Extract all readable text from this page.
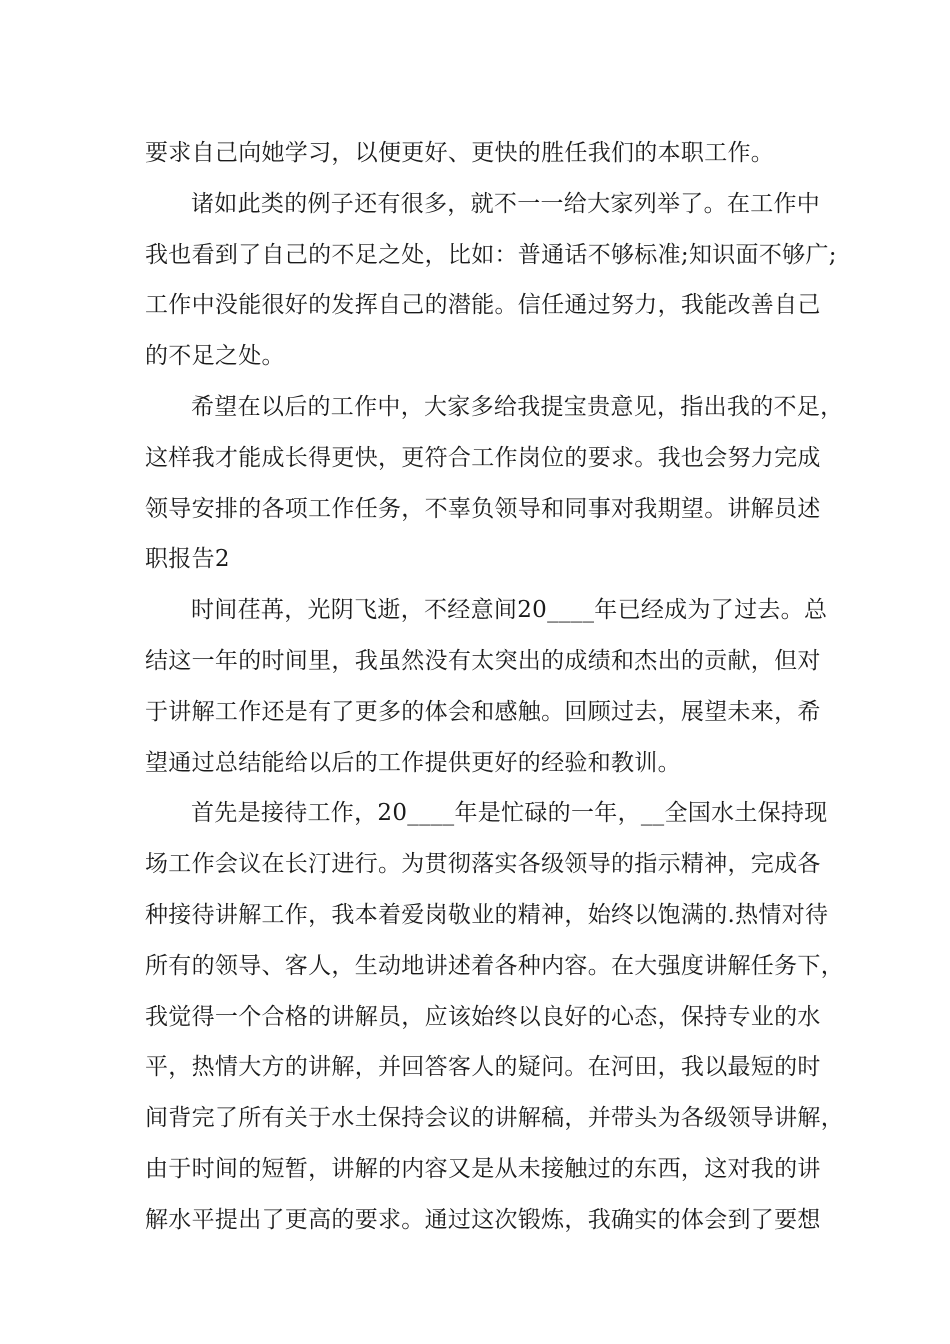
要求自己向她学习，以便更好、更快的胜任我们的本职工作。
诸如此类的例子还有很多，就不一一给大家列举了。在工作中
我也看到了自己的不足之处，比如：普通话不够标准;知识面不够广;
工作中没能很好的发挥自己的潜能。信任通过努力，我能改善自己
的不足之处。
希望在以后的工作中，大家多给我提宝贵意见，指出我的不足，
这样我才能成长得更快，更符合工作岗位的要求。我也会努力完成
领导安排的各项工作任务，不辜负领导和同事对我期望。讲解员述
职报告2
时间荏苒，光阴飞逝，不经意间20____年已经成为了过去。总
结这一年的时间里，我虽然没有太突出的成绩和杰出的贡献，但对
于讲解工作还是有了更多的体会和感触。回顾过去，展望未来，希
望通过总结能给以后的工作提供更好的经验和教训。
首先是接待工作，20____年是忙碌的一年，__全国水土保持现
场工作会议在长汀进行。为贯彻落实各级领导的指示精神，完成各
种接待讲解工作，我本着爱岗敬业的精神，始终以饱满的.热情对待
所有的领导、客人，生动地讲述着各种内容。在大强度讲解任务下，
我觉得一个合格的讲解员，应该始终以良好的心态，保持专业的水
平，热情大方的讲解，并回答客人的疑问。在河田，我以最短的时
间背完了所有关于水土保持会议的讲解稿，并带头为各级领导讲解，
由于时间的短暂，讲解的内容又是从未接触过的东西，这对我的讲
解水平提出了更高的要求。通过这次锻炼，我确实的体会到了要想
